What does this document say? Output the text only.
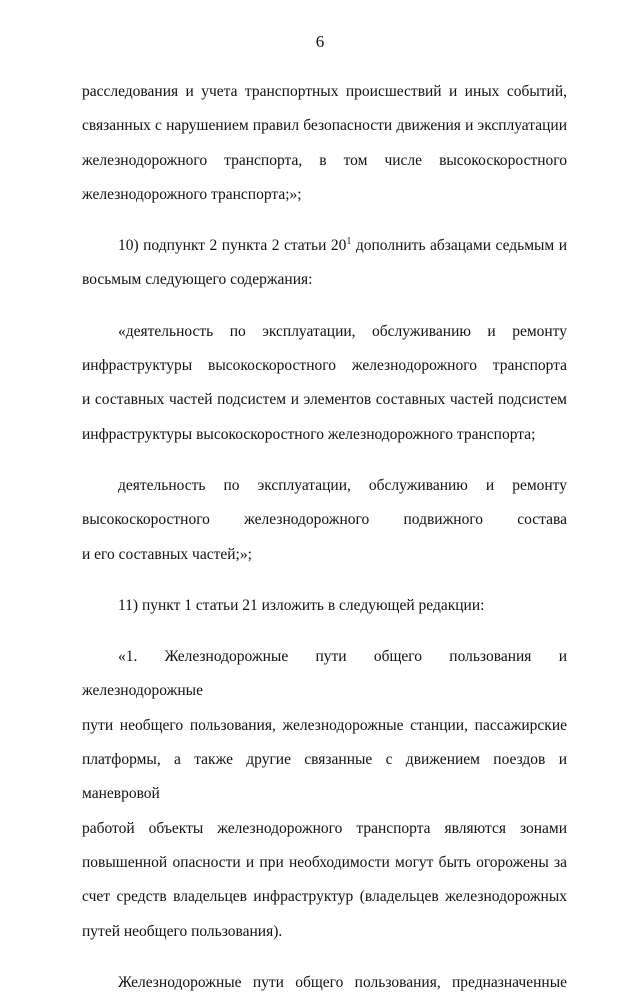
6
расследования и учета транспортных происшествий и иных событий,
связанных с нарушением правил безопасности движения и эксплуатации
железнодорожного транспорта, в том числе высокоскоростного
железнодорожного транспорта;»;
10) подпункт 2 пункта 2 статьи $20^1$ дополнить абзацами седьмым и
восьмым следующего содержания:
«деятельность по эксплуатации, обслуживанию и ремонту
инфраструктуры высокоскоростного железнодорожного транспорта
и составных частей подсистем и элементов составных частей подсистем
инфраструктуры высокоскоростного железнодорожного транспорта;
деятельность по эксплуатации, обслуживанию и ремонту
высокоскоростного железнодорожного подвижного состава
и его составных частей;»;
11) пункт 1 статьи 21 изложить в следующей редакции:
«1. Железнодорожные пути общего пользования и железнодорожные
пути необщего пользования, железнодорожные станции, пассажирские
платформы, а также другие связанные с движением поездов и маневровой
работой объекты железнодорожного транспорта являются зонами
повышенной опасности и при необходимости могут быть огорожены за
счет средств владельцев инфраструктур (владельцев железнодорожных
путей необщего пользования).
Железнодорожные пути общего пользования, предназначенные
